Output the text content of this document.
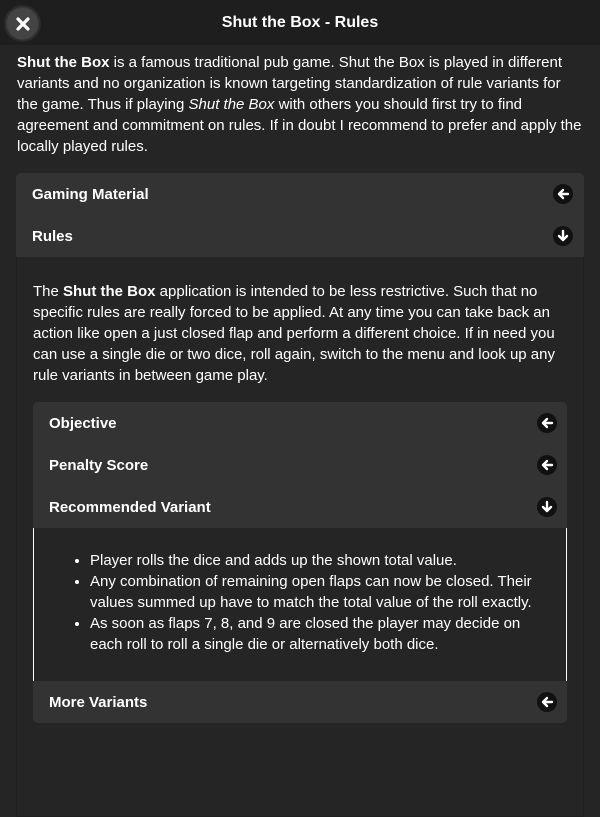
Shut the Box - Rules

Shut the Box is a famous traditional pub game. Shut the Box is played in different variants and no organization is known targeting standardization of rule variants for the game. Thus if playing Shut the Box with others you should first try to find agreement and commitment on rules. If in doubt I recommend to prefer and apply the locally played rules.

Gaming Material
Rules

The Shut the Box application is intended to be less restrictive. Such that no specific rules are really forced to be applied. At any time you can take back an action like open a just closed flap and perform a different choice. If in need you can use a single die or two dice, roll again, switch to the menu and look up any rule variants in between game play.

Objective
Penalty Score
Recommended Variant
• Player rolls the dice and adds up the shown total value.
• Any combination of remaining open flaps can now be closed. Their values summed up have to match the total value of the roll exactly.
• As soon as flaps 7, 8, and 9 are closed the player may decide on each roll to roll a single die or alternatively both dice.
More Variants
